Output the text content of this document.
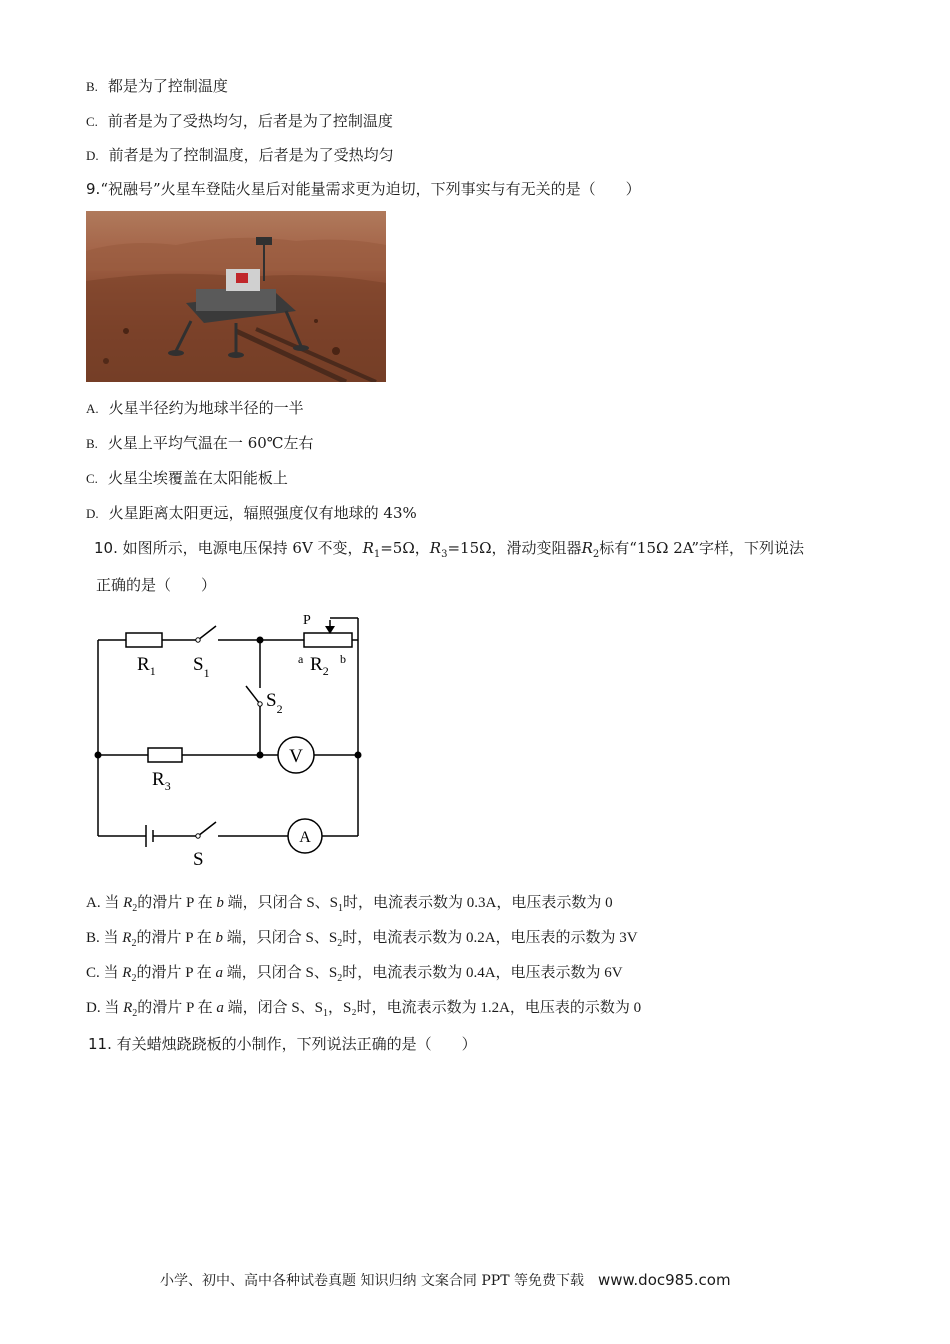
B. 都是为了控制温度
C. 前者是为了受热均匀，后者是为了控制温度
D. 前者是为了控制温度，后者是为了受热均匀
9.“祝融号”火星车登陆火星后对能量需求更为迫切，下列事实与有无关的是（　　）
A. 火星半径约为地球半径的一半
B. 火星上平均气温在一 60℃左右
C. 火星尘埃覆盖在太阳能板上
D. 火星距离太阳更远，辐照强度仅有地球的 43%
10. 如图所示，电源电压保持 6V 不变，$R_1=5\Omega$，$R_3=15\Omega$，滑动变阻器$R_2$标有“15Ω 2A”字样，下列说法
正确的是（　　）
$R_1$ $S_1$
P
a $R_2$
b
$S_2$
V
$R_3$
A
S
A. 当 $R_2$的滑片 P 在 b 端，只闭合 S、$S_1$时，电流表示数为 0.3A，电压表示数为 0
B. 当 $R_2$的滑片 P 在 b 端，只闭合 S、$S_2$时，电流表示数为 0.2A，电压表的示数为 3V
C. 当 $R_2$的滑片 P 在 a 端，只闭合 S、$S_2$时，电流表示数为 0.4A，电压表示数为 6V
D. 当 $R_2$的滑片 P 在 a 端，闭合 S、$S_1$，S₂时，电流表示数为 1.2A，电压表的示数为 0
11. 有关蜡烛跷跷板的小制作，下列说法正确的是（　　）
小学、初中、高中各种试卷真题 知识归纳 文案合同 PPT 等免费下载 www.doc985.com
